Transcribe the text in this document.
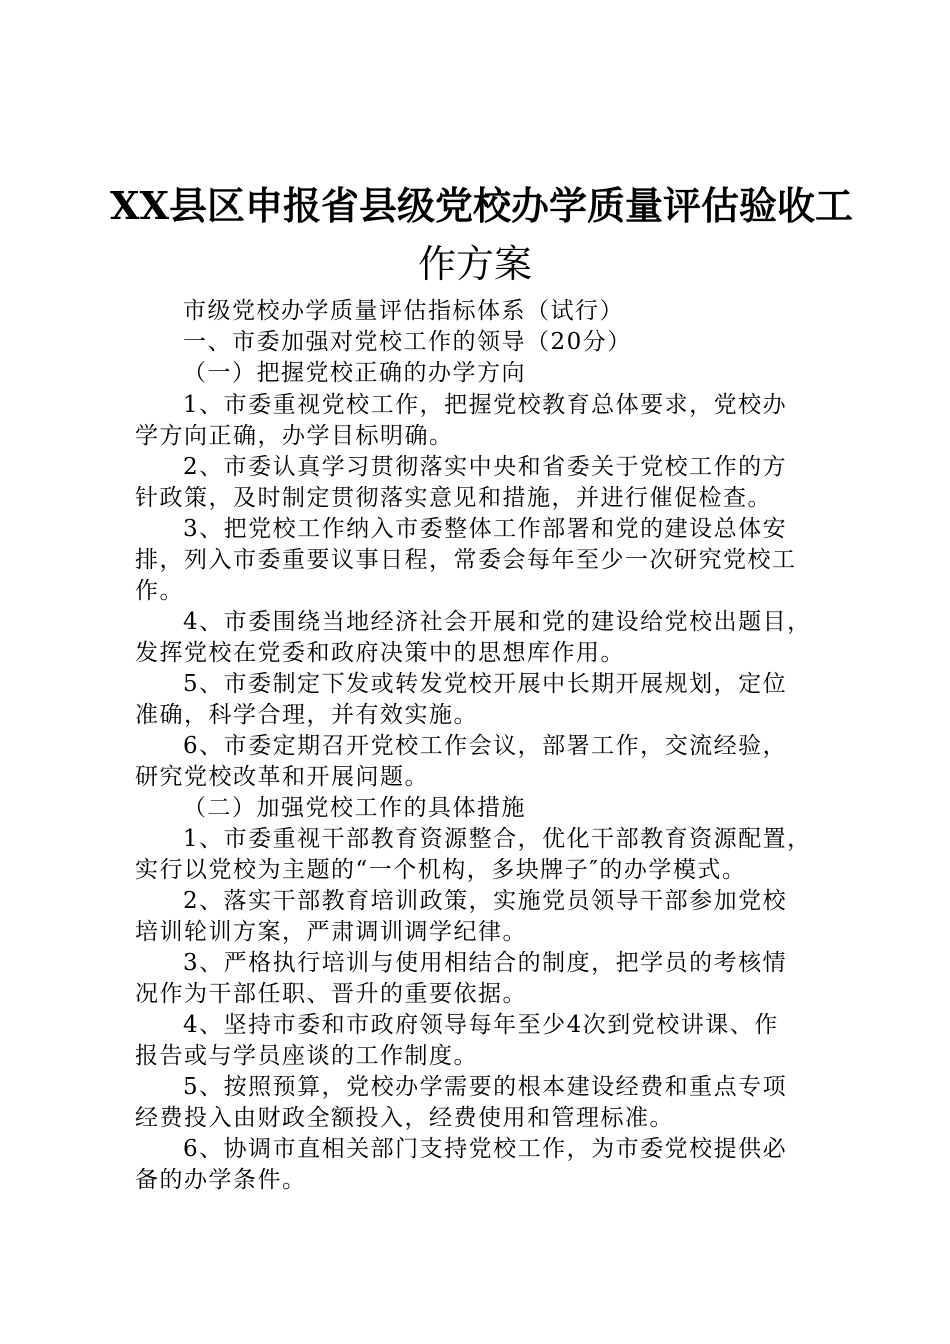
XX县区申报省县级党校办学质量评估验收工
作方案
市级党校办学质量评估指标体系（试行）
一、市委加强对党校工作的领导（20分）
（一）把握党校正确的办学方向
1、市委重视党校工作，把握党校教育总体要求，党校办
学方向正确，办学目标明确。
2、市委认真学习贯彻落实中央和省委关于党校工作的方
针政策，及时制定贯彻落实意见和措施，并进行催促检查。
3、把党校工作纳入市委整体工作部署和党的建设总体安
排，列入市委重要议事日程，常委会每年至少一次研究党校工
作。
4、市委围绕当地经济社会开展和党的建设给党校出题目，
发挥党校在党委和政府决策中的思想库作用。
5、市委制定下发或转发党校开展中长期开展规划，定位
准确，科学合理，并有效实施。
6、市委定期召开党校工作会议，部署工作，交流经验，
研究党校改革和开展问题。
（二）加强党校工作的具体措施
1、市委重视干部教育资源整合，优化干部教育资源配置，
实行以党校为主题的“一个机构，多块牌子″的办学模式。
2、落实干部教育培训政策，实施党员领导干部参加党校
培训轮训方案，严肃调训调学纪律。
3、严格执行培训与使用相结合的制度，把学员的考核情
况作为干部任职、晋升的重要依据。
4、坚持市委和市政府领导每年至少4次到党校讲课、作
报告或与学员座谈的工作制度。
5、按照预算，党校办学需要的根本建设经费和重点专项
经费投入由财政全额投入，经费使用和管理标准。
6、协调市直相关部门支持党校工作，为市委党校提供必
备的办学条件。
